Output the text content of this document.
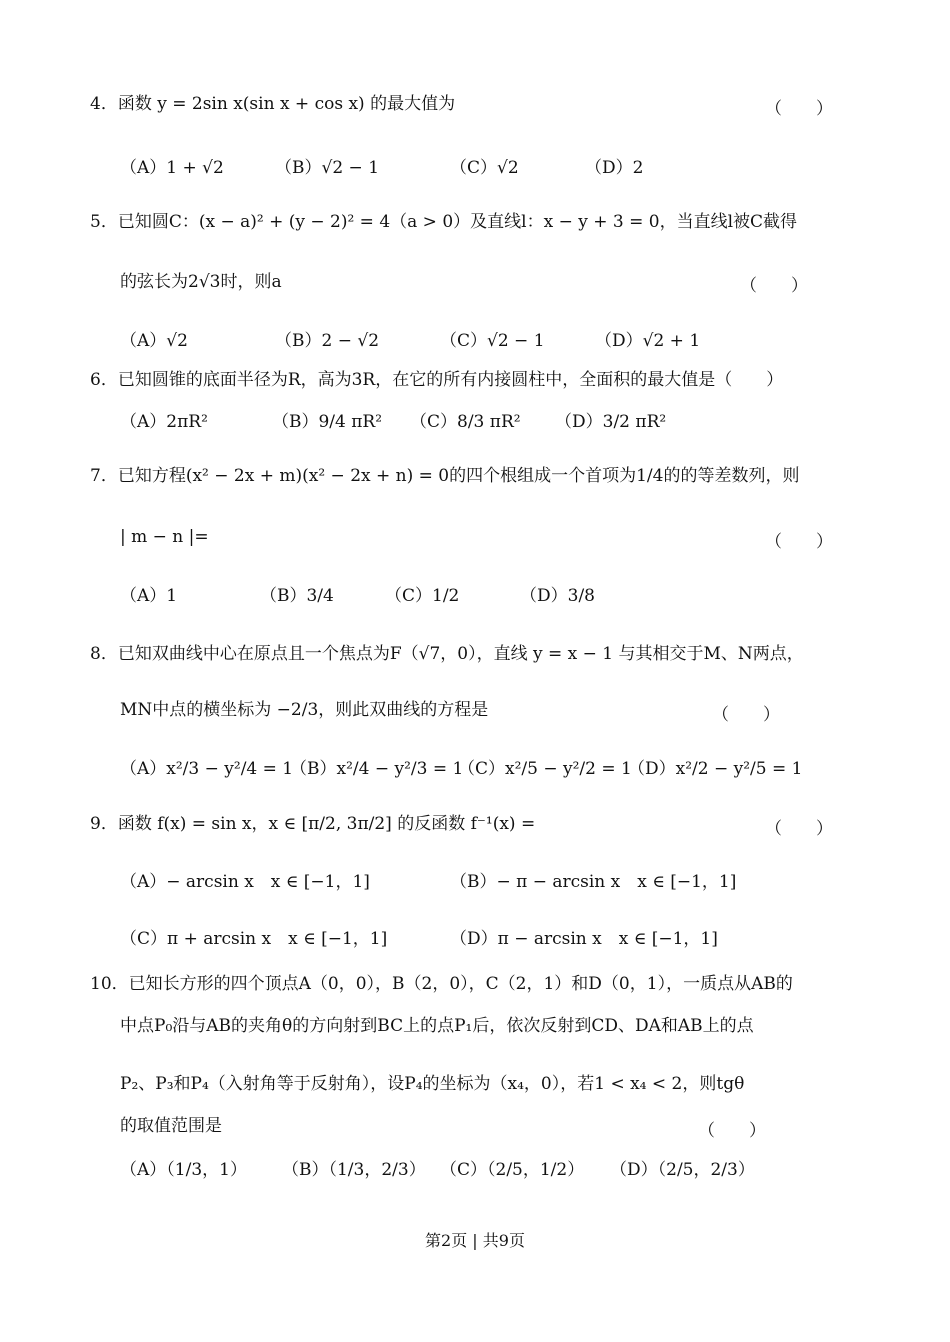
4．函数 y = 2sin x(sin x + cos x) 的最大值为	（　　）
（A）1 + √2	（B）√2 − 1	（C）√2	（D）2
5．已知圆C：(x − a)² + (y − 2)² = 4（a > 0）及直线l：x − y + 3 = 0，当直线l被C截得
的弦长为2√3时，则a	（　　）
（A）√2	（B）2 − √2	（C）√2 − 1	（D）√2 + 1
6．已知圆锥的底面半径为R，高为3R，在它的所有内接圆柱中，全面积的最大值是（　　）
（A）2πR²	（B）9/4 πR² （C）8/3 πR² （D）3/2 πR²
7．已知方程(x² − 2x + m)(x² − 2x + n) = 0的四个根组成一个首项为1/4的的等差数列，则
| m − n |=	（　　）
（A）1	（B）3/4	（C）1/2	（D）3/8
8．已知双曲线中心在原点且一个焦点为F（√7，0），直线 y = x − 1 与其相交于M、N两点，
MN中点的横坐标为 −2/3，则此双曲线的方程是	（　　）
（A）x²/3 − y²/4 = 1
（B）x²/4 − y²/3 = 1
（C）x²/5 − y²/2 = 1
（D）x²/2 − y²/5 = 1
9．函数 f(x) = sin x，x ∈ [π/2, 3π/2] 的反函数 f⁻¹(x) =	（　　）
（A）− arcsin x　x ∈ [−1，1]	（B）− π − arcsin x　x ∈ [−1，1]
（C）π + arcsin x　x ∈ [−1，1]	（D）π − arcsin x　x ∈ [−1，1]
10．已知长方形的四个顶点A（0，0），B（2，0），C（2，1）和D（0，1），一质点从AB的
中点P₀沿与AB的夹角θ的方向射到BC上的点P₁后，依次反射到CD、DA和AB上的点
P₂、P₃和P₄（入射角等于反射角），设P₄的坐标为（x₄，0），若1 < x₄ < 2，则tgθ
的取值范围是	（　　）
（A）（1/3，1） （B）（1/3，2/3） （C）（2/5，1/2） （D）（2/5，2/3）
第2页 | 共9页
